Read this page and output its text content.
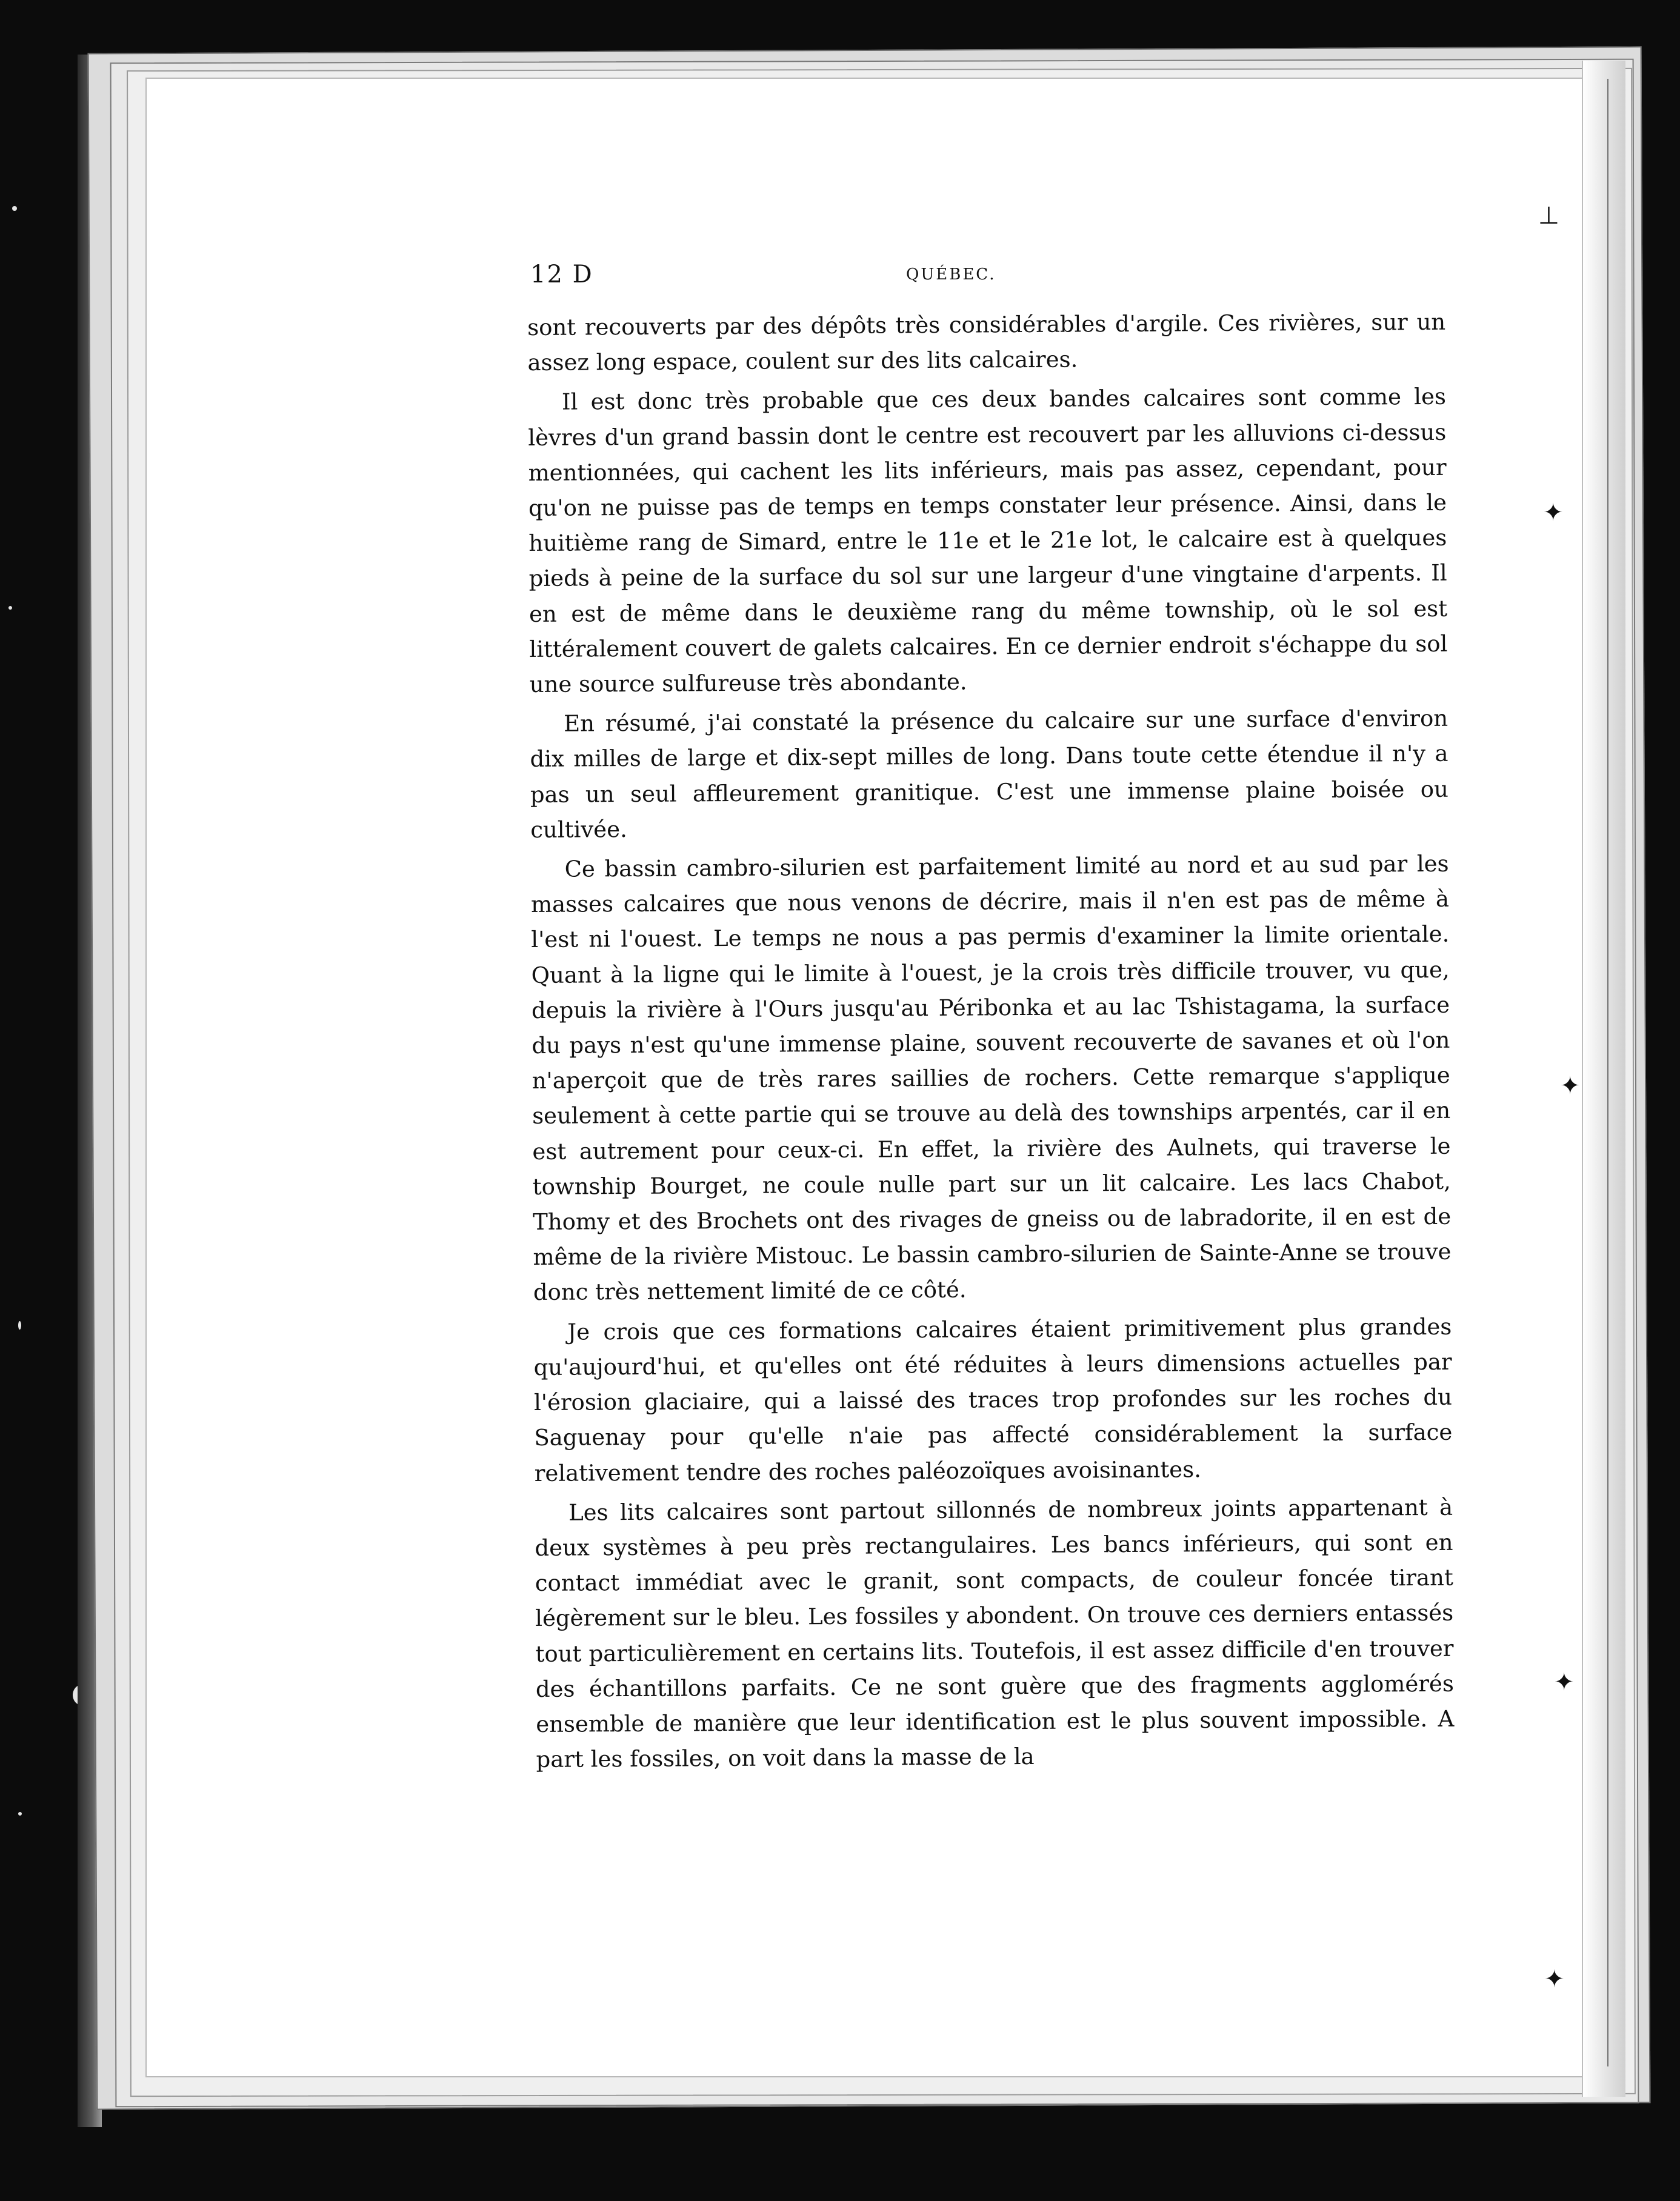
⊥
✦
✦
✦
✦
12 D	QUÉBEC.

sont recouverts par des dépôts très considérables d'argile. Ces rivières, sur un assez long espace, coulent sur des lits calcaires.

Il est donc très probable que ces deux bandes calcaires sont comme les lèvres d'un grand bassin dont le centre est recouvert par les alluvions ci-dessus mentionnées, qui cachent les lits inférieurs, mais pas assez, cependant, pour qu'on ne puisse pas de temps en temps constater leur présence. Ainsi, dans le huitième rang de Simard, entre le 11e et le 21e lot, le calcaire est à quelques pieds à peine de la surface du sol sur une largeur d'une vingtaine d'arpents. Il en est de même dans le deuxième rang du même township, où le sol est littéralement couvert de galets calcaires. En ce dernier endroit s'échappe du sol une source sulfureuse très abondante.

En résumé, j'ai constaté la présence du calcaire sur une surface d'environ dix milles de large et dix-sept milles de long. Dans toute cette étendue il n'y a pas un seul affleurement granitique. C'est une immense plaine boisée ou cultivée.

Ce bassin cambro-silurien est parfaitement limité au nord et au sud par les masses calcaires que nous venons de décrire, mais il n'en est pas de même à l'est ni l'ouest. Le temps ne nous a pas permis d'examiner la limite orientale. Quant à la ligne qui le limite à l'ouest, je la crois très difficile trouver, vu que, depuis la rivière à l'Ours jusqu'au Péribonka et au lac Tshistagama, la surface du pays n'est qu'une immense plaine, souvent recouverte de savanes et où l'on n'aperçoit que de très rares saillies de rochers. Cette remarque s'applique seulement à cette partie qui se trouve au delà des townships arpentés, car il en est autrement pour ceux-ci. En effet, la rivière des Aulnets, qui traverse le township Bourget, ne coule nulle part sur un lit calcaire. Les lacs Chabot, Thomy et des Brochets ont des rivages de gneiss ou de labradorite, il en est de même de la rivière Mistouc. Le bassin cambro-silurien de Sainte-Anne se trouve donc très nettement limité de ce côté.

Je crois que ces formations calcaires étaient primitivement plus grandes qu'aujourd'hui, et qu'elles ont été réduites à leurs dimensions actuelles par l'érosion glaciaire, qui a laissé des traces trop profondes sur les roches du Saguenay pour qu'elle n'aie pas affecté considérablement la surface relativement tendre des roches paléozoïques avoisinantes.

Les lits calcaires sont partout sillonnés de nombreux joints appartenant à deux systèmes à peu près rectangulaires. Les bancs inférieurs, qui sont en contact immédiat avec le granit, sont compacts, de couleur foncée tirant légèrement sur le bleu. Les fossiles y abondent. On trouve ces derniers entassés tout particulièrement en certains lits. Toutefois, il est assez difficile d'en trouver des échantillons parfaits. Ce ne sont guère que des fragments agglomérés ensemble de manière que leur identification est le plus souvent impossible. A part les fossiles, on voit dans la masse de la
